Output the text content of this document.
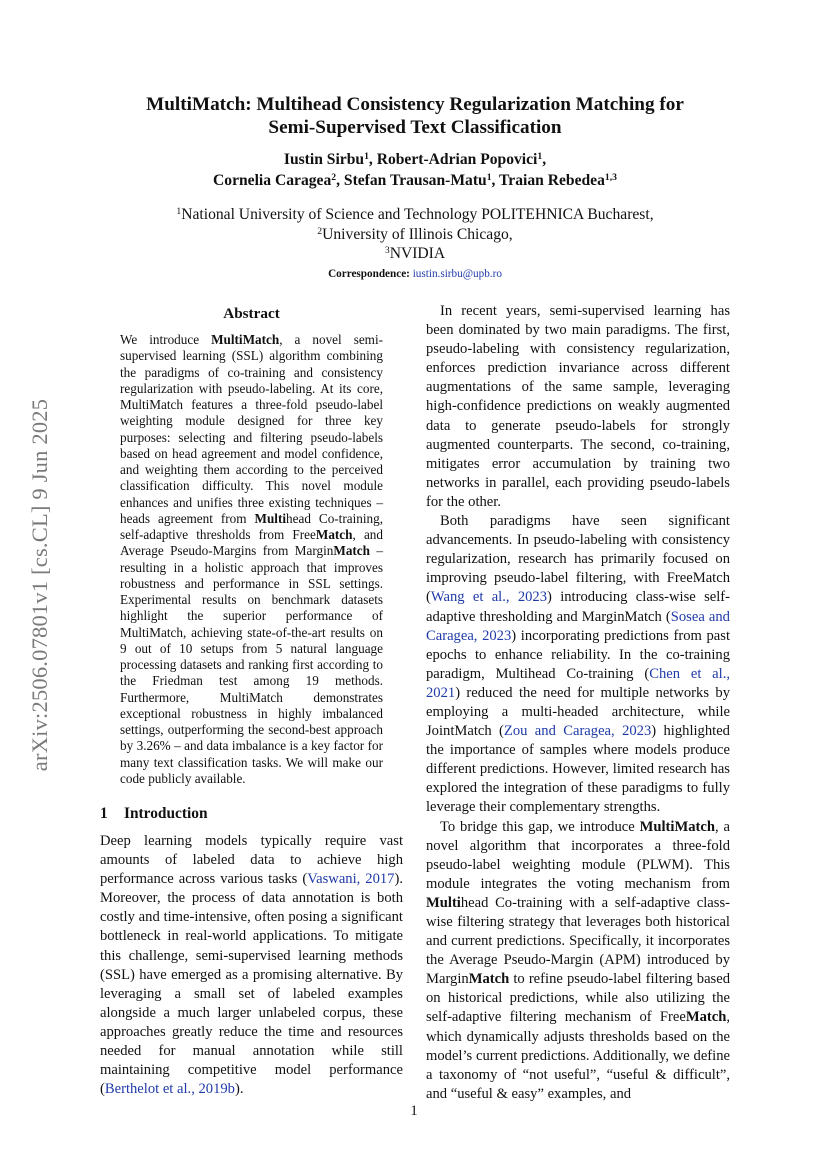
arXiv:2506.07801v1 [cs.CL] 9 Jun 2025
MultiMatch: Multihead Consistency Regularization Matching for
Semi-Supervised Text Classification
Iustin Sirbu$^1$, Robert-Adrian Popovici$^1$,
Cornelia Caragea$^2$, Stefan Trausan-Matu$^1$, Traian Rebedea$^{1,3}$
$^1$National University of Science and Technology POLITEHNICA Bucharest,
$^2$University of Illinois Chicago,
$^3$NVIDIA
Correspondence: iustin.sirbu@upb.ro
Abstract

We introduce MultiMatch, a novel semi-supervised learning (SSL) algorithm combining the paradigms of co-training and consistency regularization with pseudo-labeling. At its core, MultiMatch features a three-fold pseudo-label weighting module designed for three key purposes: selecting and filtering pseudo-labels based on head agreement and model confidence, and weighting them according to the perceived classification difficulty. This novel module enhances and unifies three existing techniques – heads agreement from Multihead Co-training, self-adaptive thresholds from FreeMatch, and Average Pseudo-Margins from MarginMatch – resulting in a holistic approach that improves robustness and performance in SSL settings. Experimental results on benchmark datasets highlight the superior performance of MultiMatch, achieving state-of-the-art results on 9 out of 10 setups from 5 natural language processing datasets and ranking first according to the Friedman test among 19 methods. Furthermore, MultiMatch demonstrates exceptional robustness in highly imbalanced settings, outperforming the second-best approach by 3.26% – and data imbalance is a key factor for many text classification tasks. We will make our code publicly available.

1 Introduction

Deep learning models typically require vast amounts of labeled data to achieve high performance across various tasks (Vaswani, 2017). Moreover, the process of data annotation is both costly and time-intensive, often posing a significant bottleneck in real-world applications. To mitigate this challenge, semi-supervised learning methods (SSL) have emerged as a promising alternative. By leveraging a small set of labeled examples alongside a much larger unlabeled corpus, these approaches greatly reduce the time and resources needed for manual annotation while still maintaining competitive model performance (Berthelot et al., 2019b).

In recent years, semi-supervised learning has been dominated by two main paradigms. The first, pseudo-labeling with consistency regularization, enforces prediction invariance across different augmentations of the same sample, leveraging high-confidence predictions on weakly augmented data to generate pseudo-labels for strongly augmented counterparts. The second, co-training, mitigates error accumulation by training two networks in parallel, each providing pseudo-labels for the other.

Both paradigms have seen significant advancements. In pseudo-labeling with consistency regularization, research has primarily focused on improving pseudo-label filtering, with FreeMatch (Wang et al., 2023) introducing class-wise self-adaptive thresholding and MarginMatch (Sosea and Caragea, 2023) incorporating predictions from past epochs to enhance reliability. In the co-training paradigm, Multihead Co-training (Chen et al., 2021) reduced the need for multiple networks by employing a multi-headed architecture, while JointMatch (Zou and Caragea, 2023) highlighted the importance of samples where models produce different predictions. However, limited research has explored the integration of these paradigms to fully leverage their complementary strengths.

To bridge this gap, we introduce MultiMatch, a novel algorithm that incorporates a three-fold pseudo-label weighting module (PLWM). This module integrates the voting mechanism from Multihead Co-training with a self-adaptive class-wise filtering strategy that leverages both historical and current predictions. Specifically, it incorporates the Average Pseudo-Margin (APM) introduced by MarginMatch to refine pseudo-label filtering based on historical predictions, while also utilizing the self-adaptive filtering mechanism of FreeMatch, which dynamically adjusts thresholds based on the model’s current predictions. Additionally, we define a taxonomy of “not useful”, “useful & difficult”, and “useful & easy” examples, and

1
